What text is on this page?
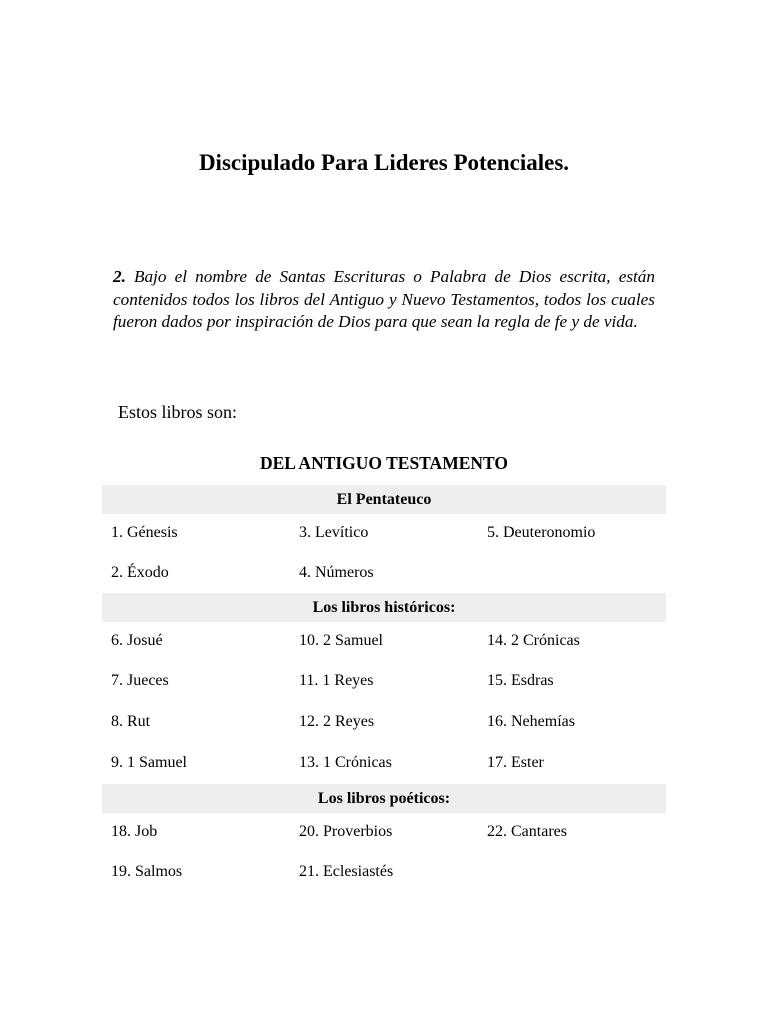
Discipulado Para Lideres Potenciales.

2. Bajo el nombre de Santas Escrituras o Palabra de Dios escrita, están contenidos todos los libros del Antiguo y Nuevo Testamentos, todos los cuales fueron dados por inspiración de Dios para que sean la regla de fe y de vida.

Estos libros son:

DEL ANTIGUO TESTAMENTO
El Pentateuco
1. Génesis	3. Levítico	5. Deuteronomio
2. Éxodo	4. Números
Los libros históricos:
6. Josué	10. 2 Samuel	14. 2 Crónicas
7. Jueces	11. 1 Reyes	15. Esdras
8. Rut	12. 2 Reyes	16. Nehemías
9. 1 Samuel	13. 1 Crónicas	17. Ester
Los libros poéticos:
18. Job	20. Proverbios	22. Cantares
19. Salmos	21. Eclesiastés
